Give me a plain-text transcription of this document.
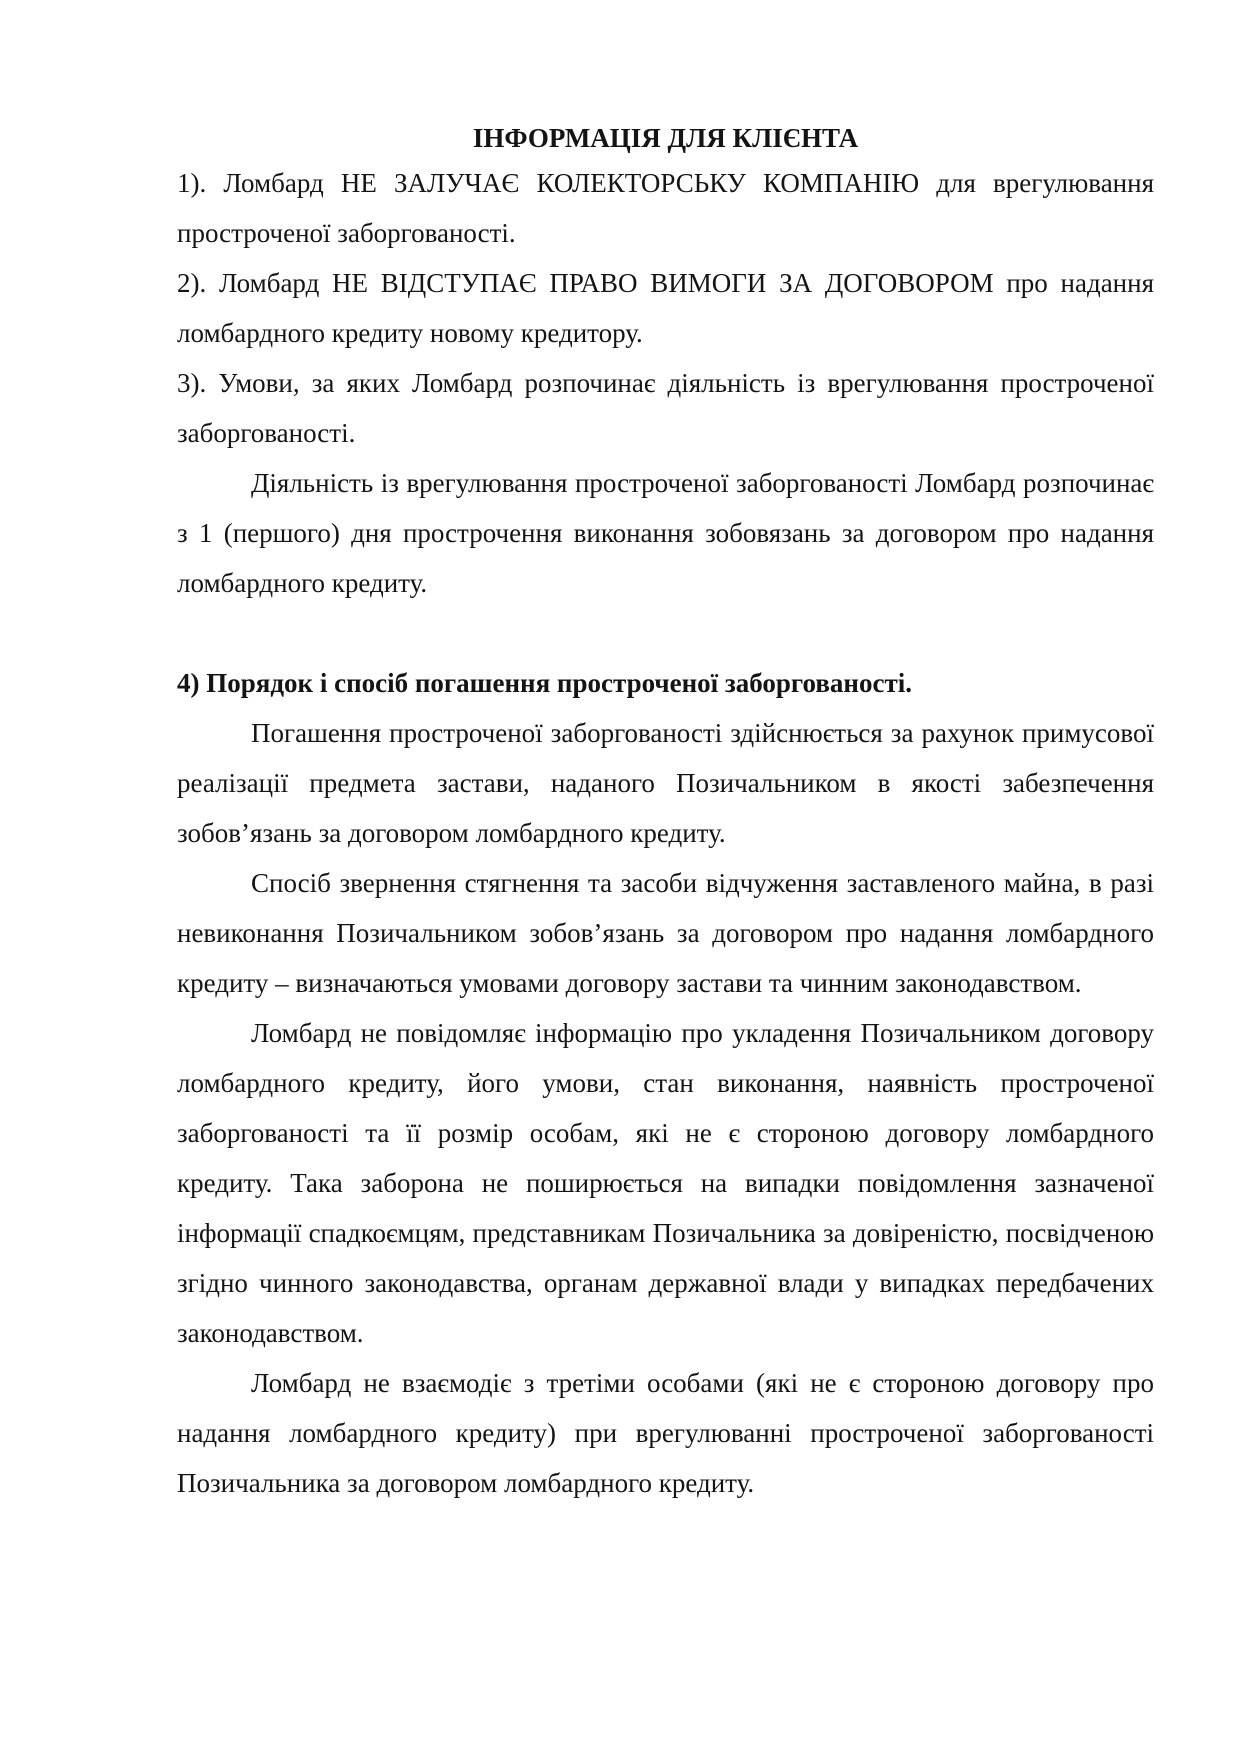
ІНФОРМАЦІЯ ДЛЯ КЛІЄНТА

1). Ломбард НЕ ЗАЛУЧАЄ КОЛЕКТОРСЬКУ КОМПАНІЮ для врегулювання простроченої заборгованості.

2). Ломбард НЕ ВІДСТУПАЄ ПРАВО ВИМОГИ ЗА ДОГОВОРОМ про надання ломбардного кредиту новому кредитору.

3). Умови, за яких Ломбард розпочинає діяльність із врегулювання простроченої заборгованості.

Діяльність із врегулювання простроченої заборгованості Ломбард розпочинає з 1 (першого) дня прострочення виконання зобовязань за договором про надання ломбардного кредиту.

4) Порядок і спосіб погашення простроченої заборгованості.

Погашення простроченої заборгованості здійснюється за рахунок примусової реалізації предмета застави, наданого Позичальником в якості забезпечення зобов’язань за договором ломбардного кредиту.

Спосіб звернення стягнення та засоби відчуження заставленого майна, в разі невиконання Позичальником зобов’язань за договором про надання ломбардного кредиту – визначаються умовами договору застави та чинним законодавством.

Ломбард не повідомляє інформацію про укладення Позичальником договору ломбардного кредиту, його умови, стан виконання, наявність простроченої заборгованості та її розмір особам, які не є стороною договору ломбардного кредиту. Така заборона не поширюється на випадки повідомлення зазначеної інформації спадкоємцям, представникам Позичальника за довіреністю, посвідченою згідно чинного законодавства, органам державної влади у випадках передбачених законодавством.

Ломбард не взаємодіє з третіми особами (які не є стороною договору про надання ломбардного кредиту) при врегулюванні простроченої заборгованості Позичальника за договором ломбардного кредиту.
